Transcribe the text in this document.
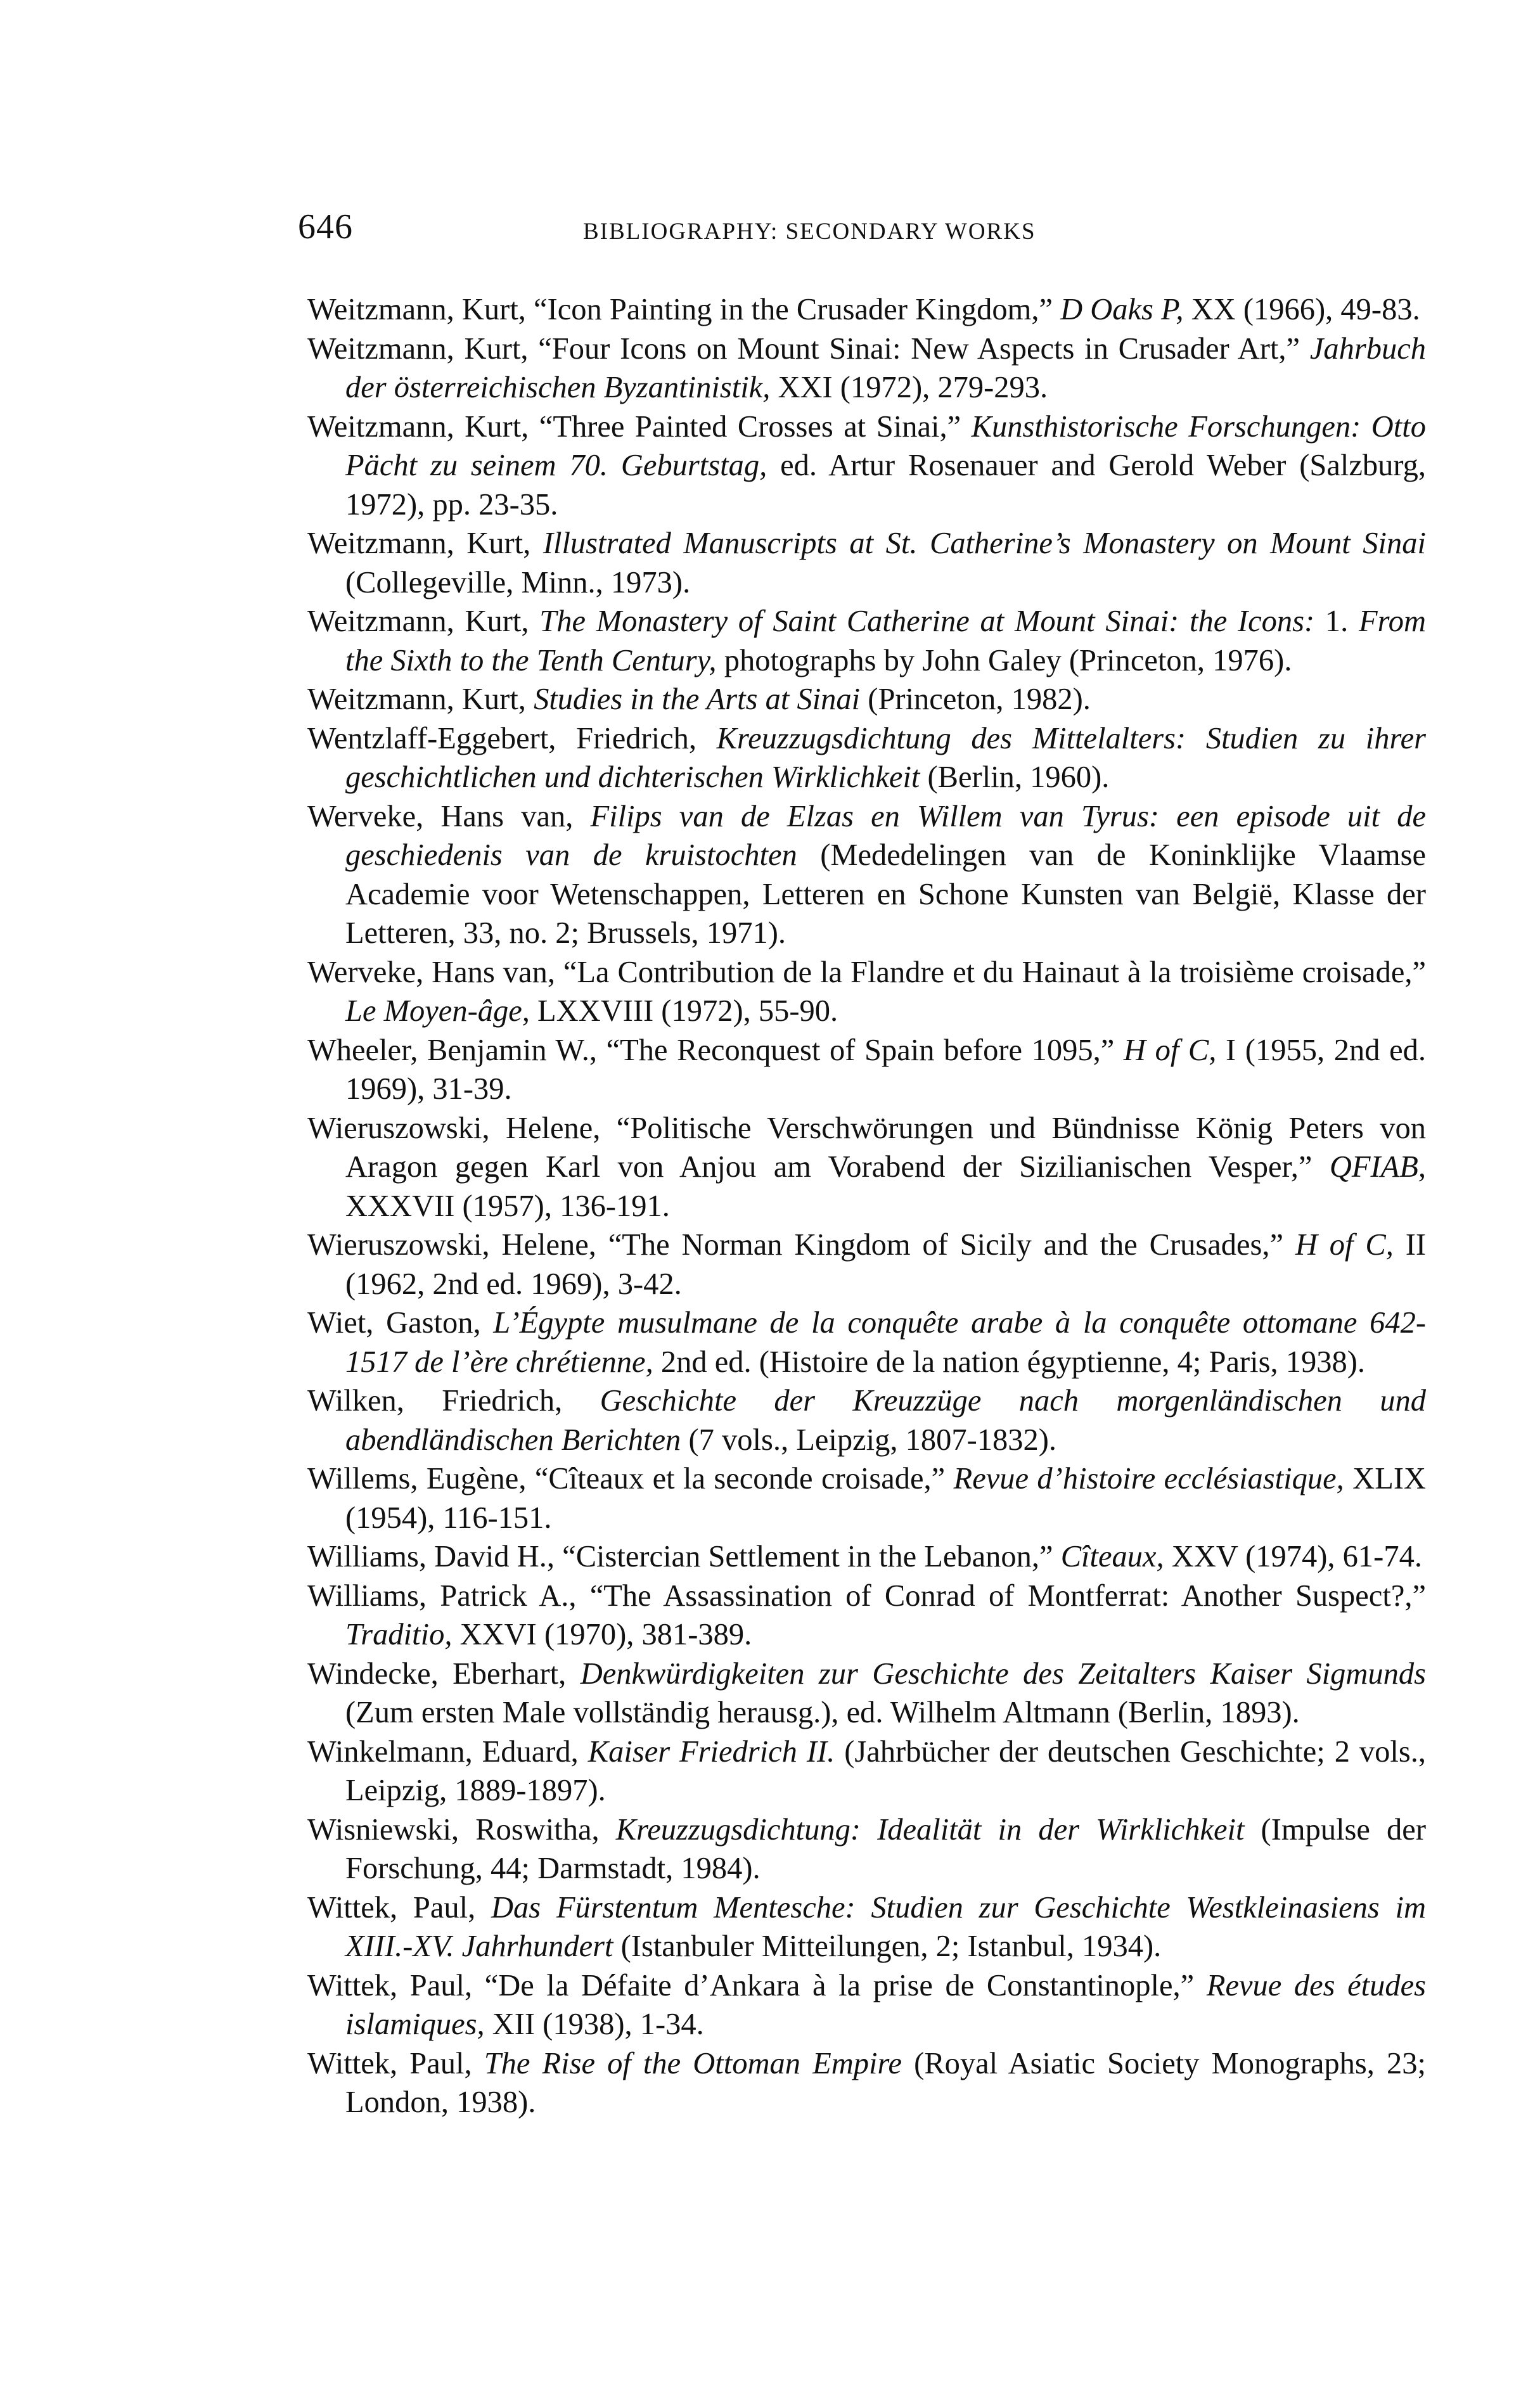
646	BIBLIOGRAPHY: SECONDARY WORKS

Weitzmann, Kurt, “Icon Painting in the Crusader Kingdom,” D Oaks P, XX (1966), 49-83.

Weitzmann, Kurt, “Four Icons on Mount Sinai: New Aspects in Crusader Art,” Jahrbuch der österreichischen Byzantinistik, XXI (1972), 279-293.

Weitzmann, Kurt, “Three Painted Crosses at Sinai,” Kunsthistorische Forschungen: Otto Pächt zu seinem 70. Geburtstag, ed. Artur Rosenauer and Gerold Weber (Salzburg, 1972), pp. 23-35.

Weitzmann, Kurt, Illustrated Manuscripts at St. Catherine’s Monastery on Mount Sinai (Collegeville, Minn., 1973).

Weitzmann, Kurt, The Monastery of Saint Catherine at Mount Sinai: the Icons: 1. From the Sixth to the Tenth Century, photographs by John Galey (Princeton, 1976).

Weitzmann, Kurt, Studies in the Arts at Sinai (Princeton, 1982).

Wentzlaff-Eggebert, Friedrich, Kreuzzugsdichtung des Mittelalters: Studien zu ihrer geschichtlichen und dichterischen Wirklichkeit (Berlin, 1960).

Werveke, Hans van, Filips van de Elzas en Willem van Tyrus: een episode uit de geschiedenis van de kruistochten (Mededelingen van de Koninklijke Vlaamse Academie voor Wetenschappen, Letteren en Schone Kunsten van België, Klasse der Letteren, 33, no. 2; Brussels, 1971).

Werveke, Hans van, “La Contribution de la Flandre et du Hainaut à la troisième croisade,” Le Moyen-âge, LXXVIII (1972), 55-90.

Wheeler, Benjamin W., “The Reconquest of Spain before 1095,” H of C, I (1955, 2nd ed. 1969), 31-39.

Wieruszowski, Helene, “Politische Verschwörungen und Bündnisse König Peters von Aragon gegen Karl von Anjou am Vorabend der Sizilianischen Vesper,” QFIAB, XXXVII (1957), 136-191.

Wieruszowski, Helene, “The Norman Kingdom of Sicily and the Crusades,” H of C, II (1962, 2nd ed. 1969), 3-42.

Wiet, Gaston, L’Égypte musulmane de la conquête arabe à la conquête ottomane 642-1517 de l’ère chrétienne, 2nd ed. (Histoire de la nation égyptienne, 4; Paris, 1938).

Wilken, Friedrich, Geschichte der Kreuzzüge nach morgenländischen und abendländischen Berichten (7 vols., Leipzig, 1807-1832).

Willems, Eugène, “Cîteaux et la seconde croisade,” Revue d’histoire ecclésiastique, XLIX (1954), 116-151.

Williams, David H., “Cistercian Settlement in the Lebanon,” Cîteaux, XXV (1974), 61-74.

Williams, Patrick A., “The Assassination of Conrad of Montferrat: Another Suspect?,” Traditio, XXVI (1970), 381-389.

Windecke, Eberhart, Denkwürdigkeiten zur Geschichte des Zeitalters Kaiser Sigmunds (Zum ersten Male vollständig herausg.), ed. Wilhelm Altmann (Berlin, 1893).

Winkelmann, Eduard, Kaiser Friedrich II. (Jahrbücher der deutschen Geschichte; 2 vols., Leipzig, 1889-1897).

Wisniewski, Roswitha, Kreuzzugsdichtung: Idealität in der Wirklichkeit (Impulse der Forschung, 44; Darmstadt, 1984).

Wittek, Paul, Das Fürstentum Mentesche: Studien zur Geschichte Westkleinasiens im XIII.-XV. Jahrhundert (Istanbuler Mitteilungen, 2; Istanbul, 1934).

Wittek, Paul, “De la Défaite d’Ankara à la prise de Constantinople,” Revue des études islamiques, XII (1938), 1-34.

Wittek, Paul, The Rise of the Ottoman Empire (Royal Asiatic Society Monographs, 23; London, 1938).
